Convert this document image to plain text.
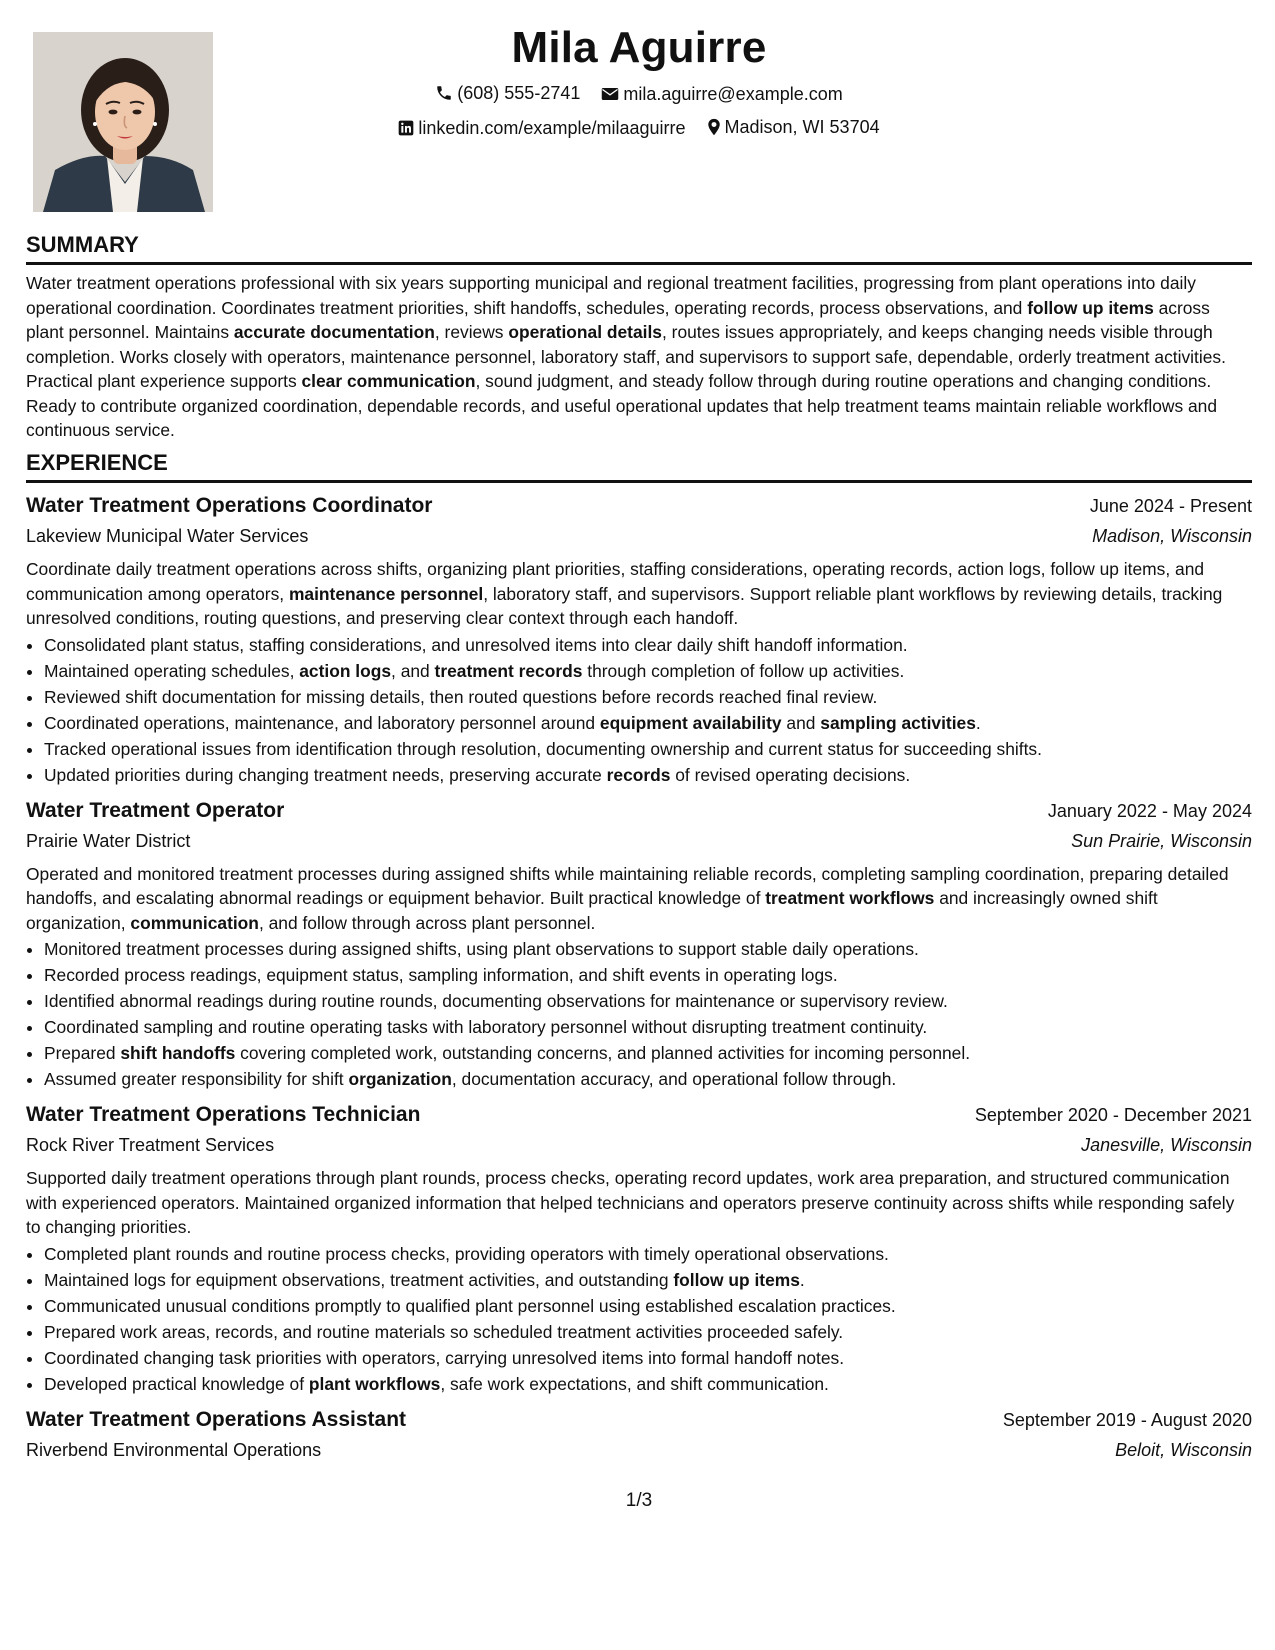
Mila Aguirre
(608) 555-2741
mila.aguirre@example.com
linkedin.com/example/milaaguirre
Madison, WI 53704
SUMMARY

Water treatment operations professional with six years supporting municipal and regional treatment facilities, progressing from plant operations into daily operational coordination. Coordinates treatment priorities, shift handoffs, schedules, operating records, process observations, and follow up items across plant personnel. Maintains accurate documentation, reviews operational details, routes issues appropriately, and keeps changing needs visible through completion. Works closely with operators, maintenance personnel, laboratory staff, and supervisors to support safe, dependable, orderly treatment activities. Practical plant experience supports clear communication, sound judgment, and steady follow through during routine operations and changing conditions. Ready to contribute organized coordination, dependable records, and useful operational updates that help treatment teams maintain reliable workflows and continuous service.

EXPERIENCE
Water Treatment Operations Coordinator	June 2024 - Present
Lakeview Municipal Water Services	Madison, Wisconsin
Coordinate daily treatment operations across shifts, organizing plant priorities, staffing considerations, operating records, action logs, follow up items, and communication among operators, maintenance personnel, laboratory staff, and supervisors. Support reliable plant workflows by reviewing details, tracking unresolved conditions, routing questions, and preserving clear context through each handoff.
• Consolidated plant status, staffing considerations, and unresolved items into clear daily shift handoff information.
• Maintained operating schedules, action logs, and treatment records through completion of follow up activities.
• Reviewed shift documentation for missing details, then routed questions before records reached final review.
• Coordinated operations, maintenance, and laboratory personnel around equipment availability and sampling activities.
• Tracked operational issues from identification through resolution, documenting ownership and current status for succeeding shifts.
• Updated priorities during changing treatment needs, preserving accurate records of revised operating decisions.
Water Treatment Operator	January 2022 - May 2024
Prairie Water District	Sun Prairie, Wisconsin
Operated and monitored treatment processes during assigned shifts while maintaining reliable records, completing sampling coordination, preparing detailed handoffs, and escalating abnormal readings or equipment behavior. Built practical knowledge of treatment workflows and increasingly owned shift organization, communication, and follow through across plant personnel.
• Monitored treatment processes during assigned shifts, using plant observations to support stable daily operations.
• Recorded process readings, equipment status, sampling information, and shift events in operating logs.
• Identified abnormal readings during routine rounds, documenting observations for maintenance or supervisory review.
• Coordinated sampling and routine operating tasks with laboratory personnel without disrupting treatment continuity.
• Prepared shift handoffs covering completed work, outstanding concerns, and planned activities for incoming personnel.
• Assumed greater responsibility for shift organization, documentation accuracy, and operational follow through.
Water Treatment Operations Technician	September 2020 - December 2021
Rock River Treatment Services	Janesville, Wisconsin
Supported daily treatment operations through plant rounds, process checks, operating record updates, work area preparation, and structured communication with experienced operators. Maintained organized information that helped technicians and operators preserve continuity across shifts while responding safely to changing priorities.
• Completed plant rounds and routine process checks, providing operators with timely operational observations.
• Maintained logs for equipment observations, treatment activities, and outstanding follow up items.
• Communicated unusual conditions promptly to qualified plant personnel using established escalation practices.
• Prepared work areas, records, and routine materials so scheduled treatment activities proceeded safely.
• Coordinated changing task priorities with operators, carrying unresolved items into formal handoff notes.
• Developed practical knowledge of plant workflows, safe work expectations, and shift communication.
Water Treatment Operations Assistant	September 2019 - August 2020
Riverbend Environmental Operations	Beloit, Wisconsin
1/3
